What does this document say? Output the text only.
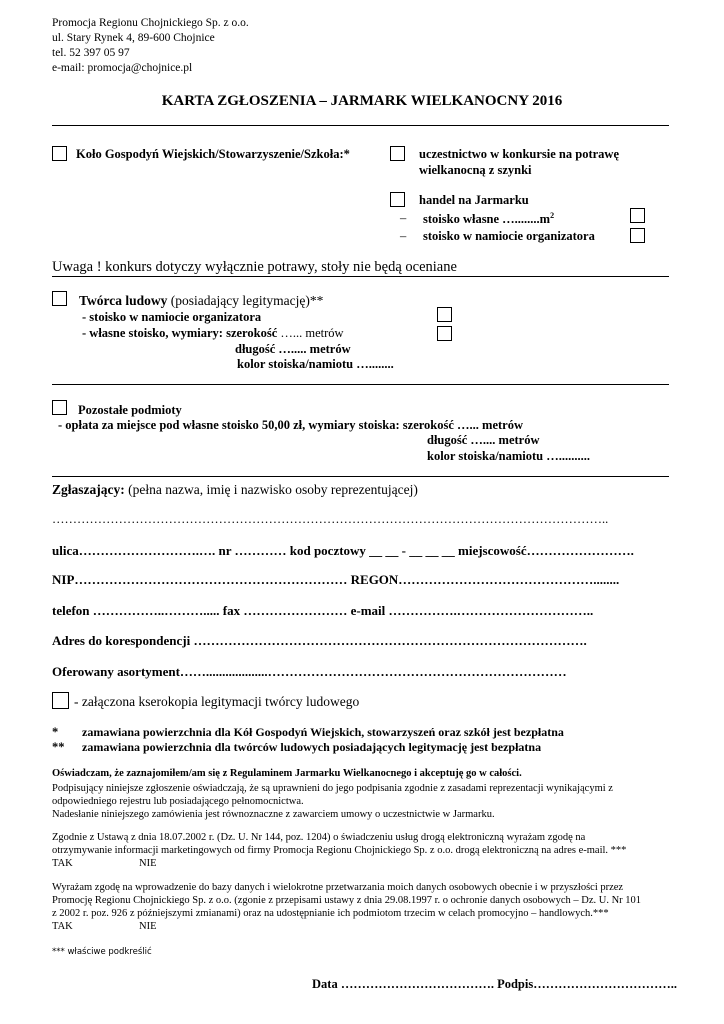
Promocja Regionu Chojnickiego Sp. z o.o.
ul. Stary Rynek 4, 89-600 Chojnice
tel. 52 397 05 97
e-mail: promocja@chojnice.pl
KARTA ZGŁOSZENIA – JARMARK WIELKANOCNY 2016
Koło Gospodyń Wiejskich/Stowarzyszenie/Szkoła:*	uczestnictwo w konkursie na potrawę
wielkanocną z szynki
handel na Jarmarku
– stoisko własne $\dots........m^2$
– stoisko w namiocie organizatora
Uwaga ! konkurs dotyczy wyłącznie potrawy, stoły nie będą oceniane
Twórca ludowy (posiadający legitymację)**
- stoisko w namiocie organizatora
- własne stoisko, wymiary: szerokość …... metrów
długość …..... metrów
kolor stoiska/namiotu …........
Pozostałe podmioty
- opłata za miejsce pod własne stoisko 50,00 zł, wymiary stoiska: szerokość …... metrów
długość ….... metrów
kolor stoiska/namiotu …..........
Zgłaszający: (pełna nazwa, imię i nazwisko osoby reprezentującej)
……………………………………………………………………………………………………………………..
ulica……………………….…. nr ………… kod pocztowy __ __ - __ __ __ miejscowość…………………….
NIP……………………………………………………… REGON………………………………………........
telefon ……………..………..... fax …………………… e-mail …………….…………………………..
Adres do korespondencji ……………………………………………………………………………….
Oferowany asortyment……...................……………………………………………………………
- załączona kserokopia legitymacji twórcy ludowego
* zamawiana powierzchnia dla Kół Gospodyń Wiejskich, stowarzyszeń oraz szkół jest bezpłatna
** zamawiana powierzchnia dla twórców ludowych posiadających legitymację jest bezpłatna
Oświadczam, że zaznajomiłem/am się z Regulaminem Jarmarku Wielkanocnego i akceptuję go w całości.
Podpisujący niniejsze zgłoszenie oświadczają, że są uprawnieni do jego podpisania zgodnie z zasadami reprezentacji wynikającymi z
odpowiedniego rejestru lub posiadającego pełnomocnictwa.
Nadesłanie niniejszego zamówienia jest równoznaczne z zawarciem umowy o uczestnictwie w Jarmarku.
Zgodnie z Ustawą z dnia 18.07.2002 r. (Dz. U. Nr 144, poz. 1204) o świadczeniu usług drogą elektroniczną wyrażam zgodę na
otrzymywanie informacji marketingowych od firmy Promocja Regionu Chojnickiego Sp. z o.o. drogą elektroniczną na adres e-mail. ***
TAK	NIE
Wyrażam zgodę na wprowadzenie do bazy danych i wielokrotne przetwarzania moich danych osobowych obecnie i w przyszłości przez
Promocję Regionu Chojnickiego Sp. z o.o. (zgonie z przepisami ustawy z dnia 29.08.1997 r. o ochronie danych osobowych – Dz. U. Nr 101
z 2002 r. poz. 926 z późniejszymi zmianami) oraz na udostępnianie ich podmiotom trzecim w celach promocyjno – handlowych.***
TAK	NIE
*** właściwe podkreślić
Data ………………………………. Podpis……………………………..
